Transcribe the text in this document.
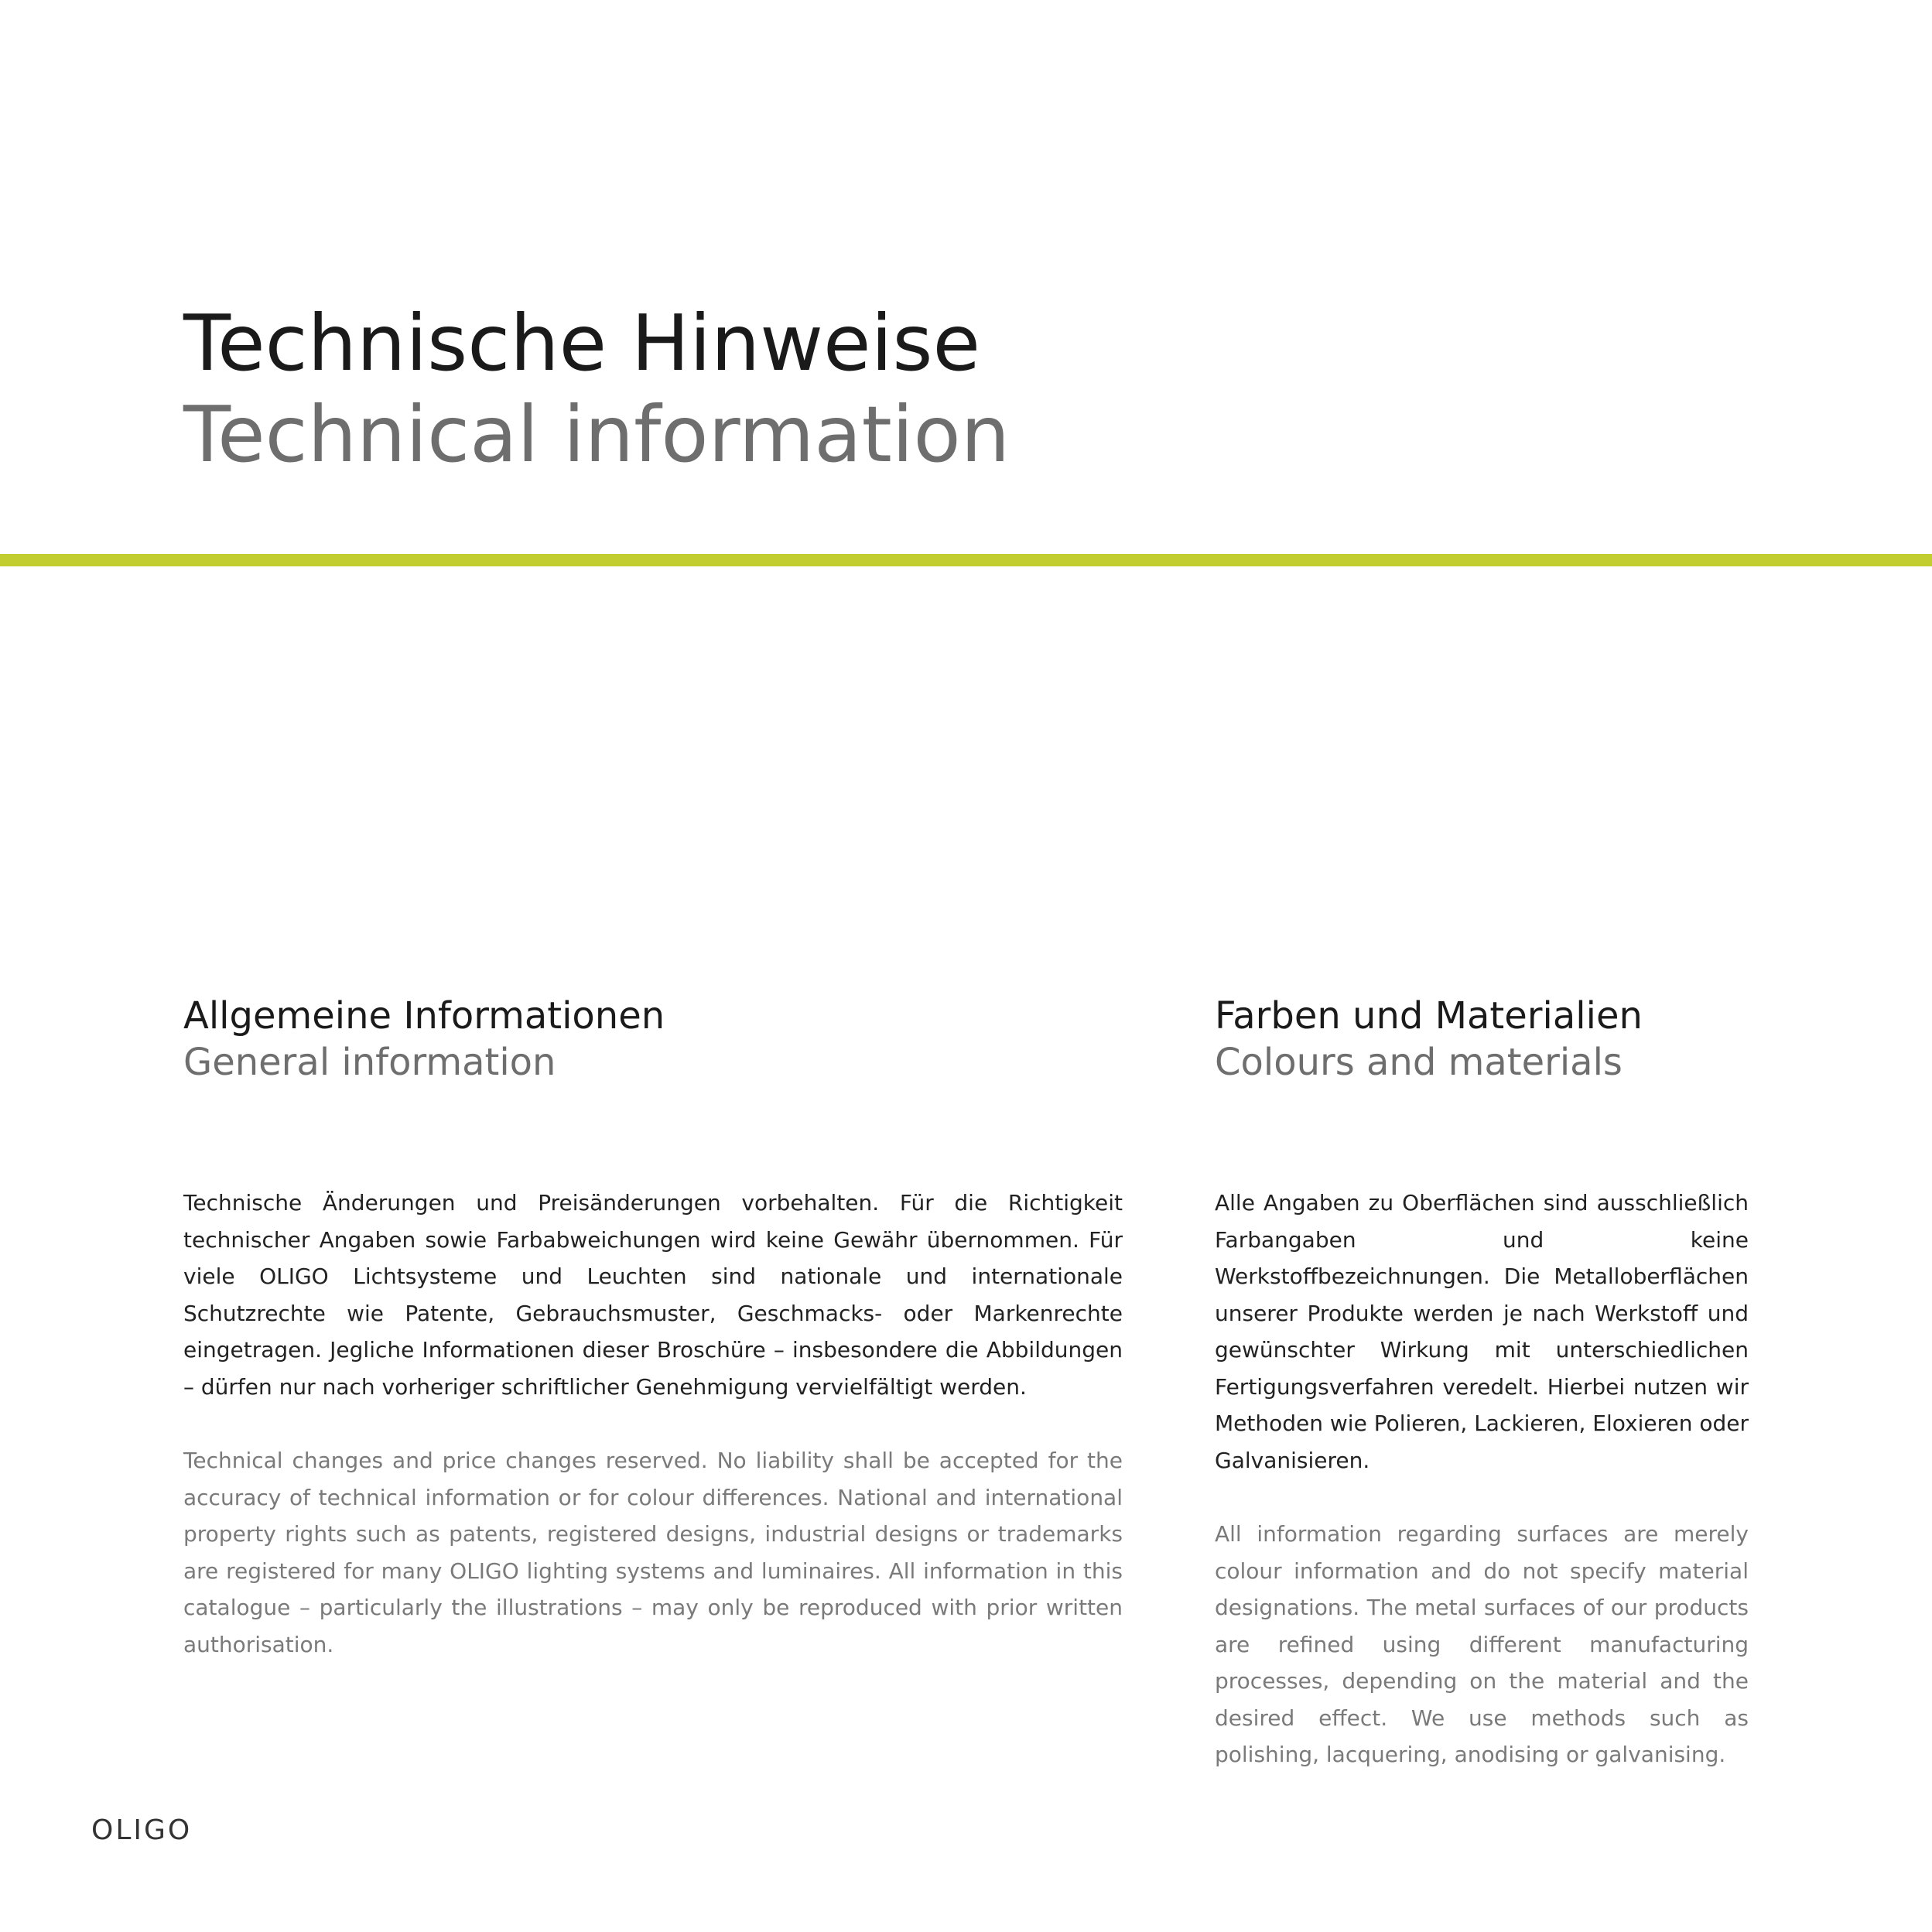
Technische Hinweise
Technical information
Allgemeine Informationen
General information

Technische Änderungen und Preisänderungen vorbehalten. Für die Richtigkeit technischer Angaben sowie Farbabweichungen wird keine Gewähr übernommen. Für viele OLIGO Lichtsysteme und Leuchten sind nationale und internationale Schutzrechte wie Patente, Gebrauchsmuster, Geschmacks- oder Markenrechte eingetragen. Jegliche Informationen dieser Broschüre – insbesondere die Abbildungen – dürfen nur nach vorheriger schriftlicher Genehmigung vervielfältigt werden.

Technical changes and price changes reserved. No liability shall be accepted for the accuracy of technical information or for colour differences. National and international property rights such as patents, registered designs, industrial designs or trademarks are registered for many OLIGO lighting systems and luminaires. All information in this catalogue – particularly the illustrations – may only be reproduced with prior written authorisation.

Farben und Materialien
Colours and materials

Alle Angaben zu Oberflächen sind ausschließlich Farbangaben und keine Werkstoffbezeichnungen. Die Metalloberflächen unserer Produkte werden je nach Werkstoff und gewünschter Wirkung mit unterschiedlichen Fertigungsverfahren veredelt. Hierbei nutzen wir Methoden wie Polieren, Lackieren, Eloxieren oder Galvanisieren.

All information regarding surfaces are merely colour information and do not specify material designations. The metal surfaces of our products are refined using different manufacturing processes, depending on the material and the desired effect. We use methods such as polishing, lacquering, anodising or galvanising.

OLIGO
